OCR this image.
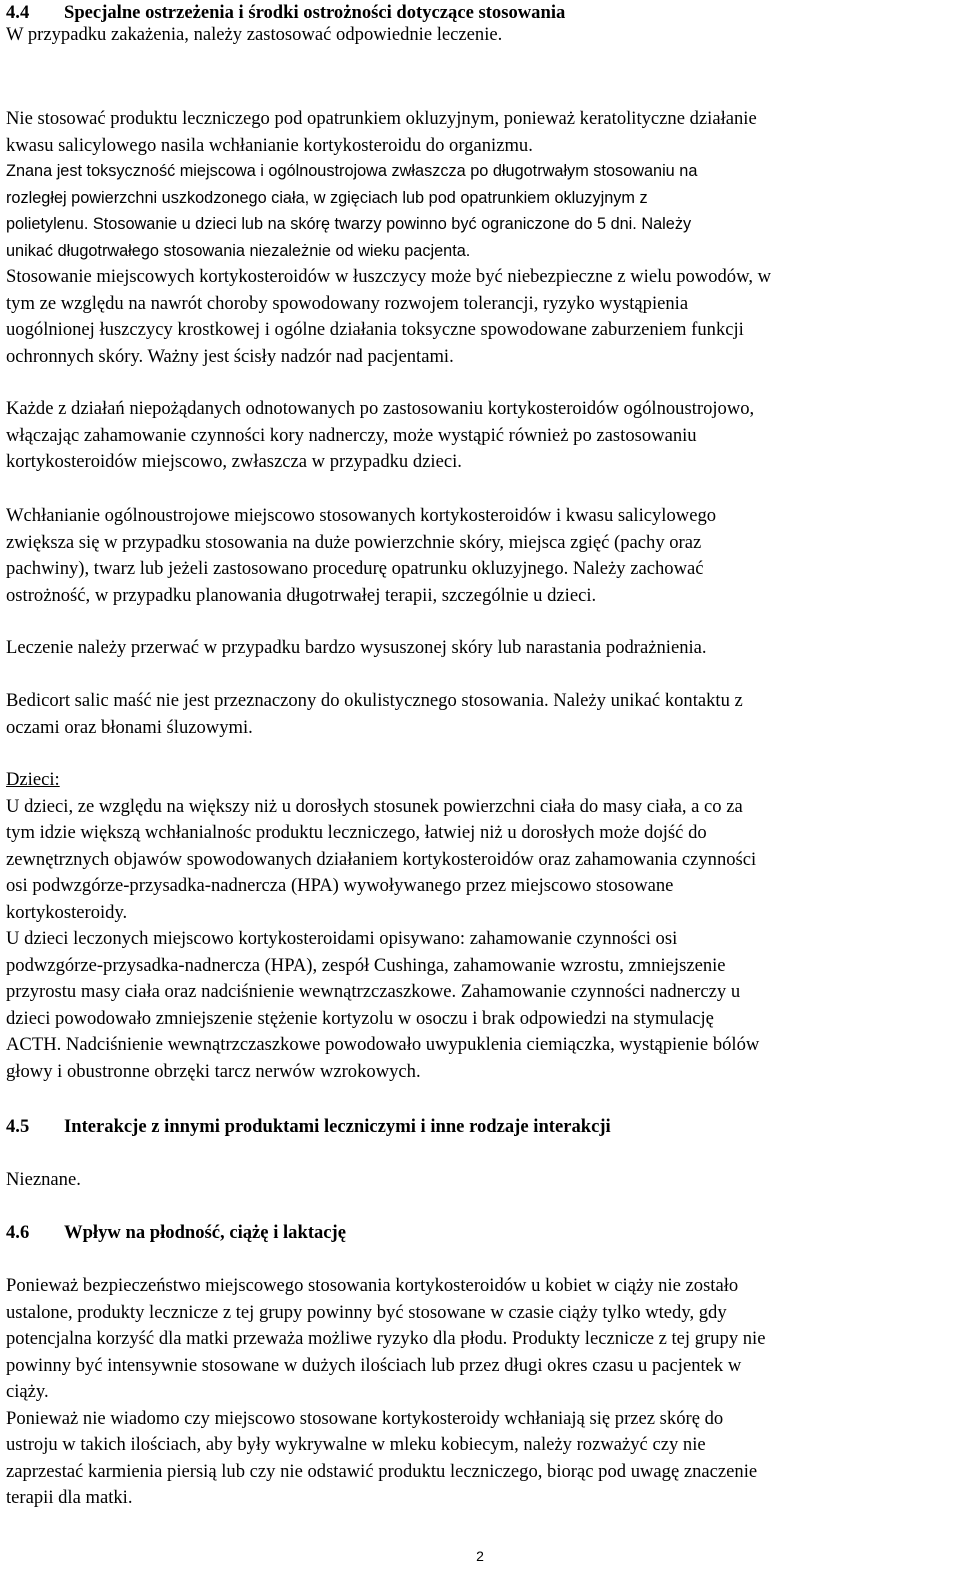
4.4 Specjalne ostrzeżenia i środki ostrożności dotyczące stosowania
W przypadku zakażenia, należy zastosować odpowiednie leczenie.
Nie stosować produktu leczniczego pod opatrunkiem okluzyjnym, ponieważ keratolityczne działanie
kwasu salicylowego nasila wchłanianie kortykosteroidu do organizmu.
Znana jest toksyczność miejscowa i ogólnoustrojowa zwłaszcza po długotrwałym stosowaniu na
rozległej powierzchni uszkodzonego ciała, w zgięciach lub pod opatrunkiem okluzyjnym z
polietylenu. Stosowanie u dzieci lub na skórę twarzy powinno być ograniczone do 5 dni. Należy
unikać długotrwałego stosowania niezależnie od wieku pacjenta.
Stosowanie miejscowych kortykosteroidów w łuszczycy może być niebezpieczne z wielu powodów, w
tym ze względu na nawrót choroby spowodowany rozwojem tolerancji, ryzyko wystąpienia
uogólnionej łuszczycy krostkowej i ogólne działania toksyczne spowodowane zaburzeniem funkcji
ochronnych skóry. Ważny jest ścisły nadzór nad pacjentami.
Każde z działań niepożądanych odnotowanych po zastosowaniu kortykosteroidów ogólnoustrojowo,
włączając zahamowanie czynności kory nadnerczy, może wystąpić również po zastosowaniu
kortykosteroidów miejscowo, zwłaszcza w przypadku dzieci.
Wchłanianie ogólnoustrojowe miejscowo stosowanych kortykosteroidów i kwasu salicylowego
zwiększa się w przypadku stosowania na duże powierzchnie skóry, miejsca zgięć (pachy oraz
pachwiny), twarz lub jeżeli zastosowano procedurę opatrunku okluzyjnego. Należy zachować
ostrożność, w przypadku planowania długotrwałej terapii, szczególnie u dzieci.
Leczenie należy przerwać w przypadku bardzo wysuszonej skóry lub narastania podrażnienia.
Bedicort salic maść nie jest przeznaczony do okulistycznego stosowania. Należy unikać kontaktu z
oczami oraz błonami śluzowymi.
Dzieci:
U dzieci, ze względu na większy niż u dorosłych stosunek powierzchni ciała do masy ciała, a co za
tym idzie większą wchłanialnośc produktu leczniczego, łatwiej niż u dorosłych może dojść do
zewnętrznych objawów spowodowanych działaniem kortykosteroidów oraz zahamowania czynności
osi podwzgórze-przysadka-nadnercza (HPA) wywoływanego przez miejscowo stosowane
kortykosteroidy.
U dzieci leczonych miejscowo kortykosteroidami opisywano: zahamowanie czynności osi
podwzgórze-przysadka-nadnercza (HPA), zespół Cushinga, zahamowanie wzrostu, zmniejszenie
przyrostu masy ciała oraz nadciśnienie wewnątrzczaszkowe. Zahamowanie czynności nadnerczy u
dzieci powodowało zmniejszenie stężenie kortyzolu w osoczu i brak odpowiedzi na stymulację
ACTH. Nadciśnienie wewnątrzczaszkowe powodowało uwypuklenia ciemiączka, wystąpienie bólów
głowy i obustronne obrzęki tarcz nerwów wzrokowych.
4.5 Interakcje z innymi produktami leczniczymi i inne rodzaje interakcji
Nieznane.
4.6 Wpływ na płodność, ciążę i laktację
Ponieważ bezpieczeństwo miejscowego stosowania kortykosteroidów u kobiet w ciąży nie zostało
ustalone, produkty lecznicze z tej grupy powinny być stosowane w czasie ciąży tylko wtedy, gdy
potencjalna korzyść dla matki przeważa możliwe ryzyko dla płodu. Produkty lecznicze z tej grupy nie
powinny być intensywnie stosowane w dużych ilościach lub przez długi okres czasu u pacjentek w
ciąży.
Ponieważ nie wiadomo czy miejscowo stosowane kortykosteroidy wchłaniają się przez skórę do
ustroju w takich ilościach, aby były wykrywalne w mleku kobiecym, należy rozważyć czy nie
zaprzestać karmienia piersią lub czy nie odstawić produktu leczniczego, biorąc pod uwagę znaczenie
terapii dla matki.
2
